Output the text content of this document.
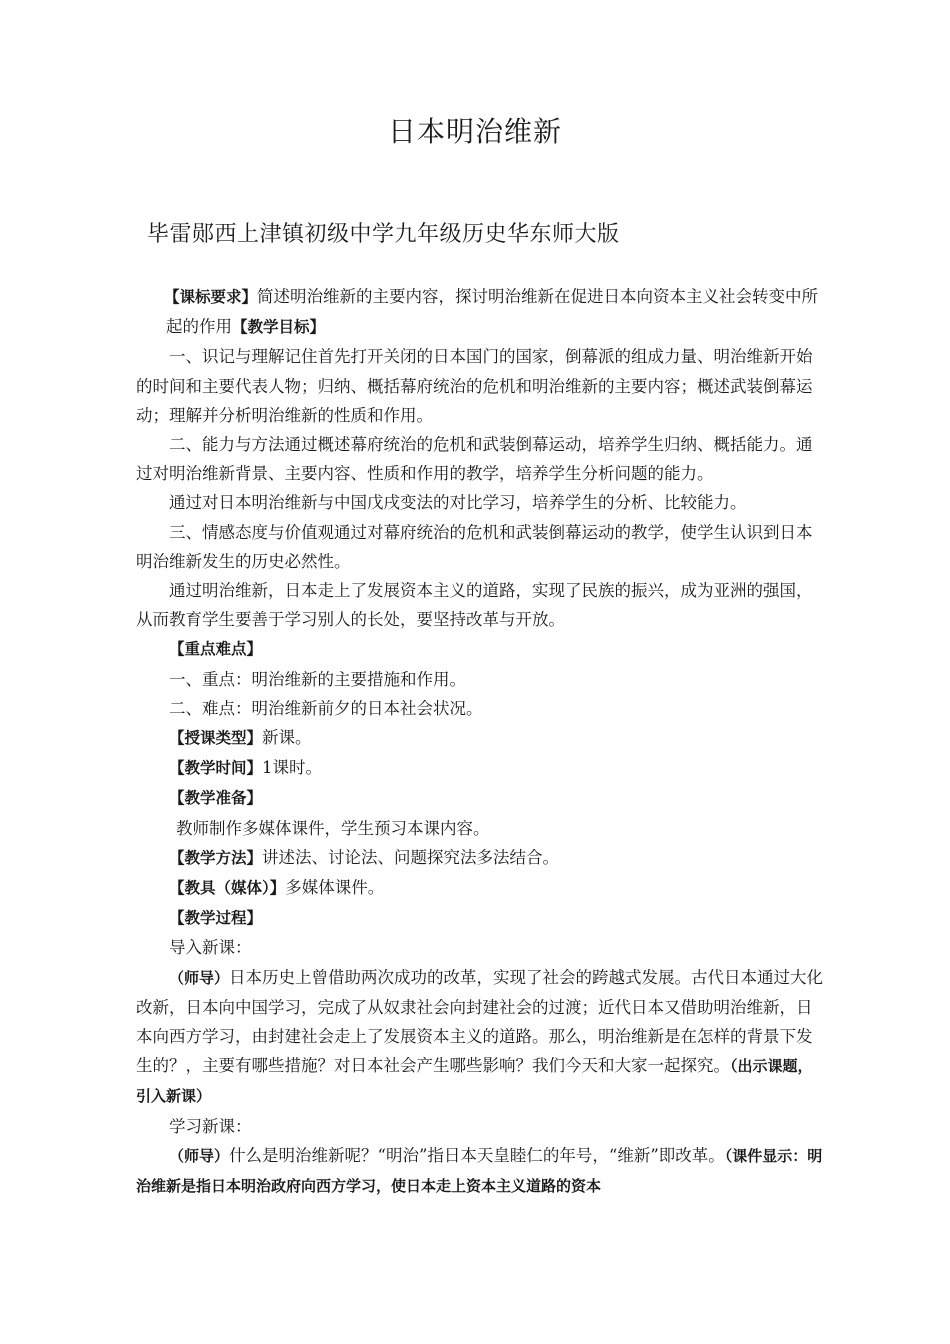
日本明治维新
毕雷郧西上津镇初级中学九年级历史华东师大版

【课标要求】简述明治维新的主要内容，探讨明治维新在促进日本向资本主义社会转变中所起的作用【教学目标】

一、识记与理解记住首先打开关闭的日本国门的国家，倒幕派的组成力量、明治维新开始的时间和主要代表人物；归纳、概括幕府统治的危机和明治维新的主要内容；概述武装倒幕运动；理解并分析明治维新的性质和作用。

二、能力与方法通过概述幕府统治的危机和武装倒幕运动，培养学生归纳、概括能力。通过对明治维新背景、主要内容、性质和作用的教学，培养学生分析问题的能力。

通过对日本明治维新与中国戊戌变法的对比学习，培养学生的分析、比较能力。

三、情感态度与价值观通过对幕府统治的危机和武装倒幕运动的教学，使学生认识到日本明治维新发生的历史必然性。

通过明治维新，日本走上了发展资本主义的道路，实现了民族的振兴，成为亚洲的强国，从而教育学生要善于学习别人的长处，要坚持改革与开放。

【重点难点】

一、重点：明治维新的主要措施和作用。

二、难点：明治维新前夕的日本社会状况。

【授课类型】新课。

【教学时间】1课时。

【教学准备】

教师制作多媒体课件，学生预习本课内容。

【教学方法】讲述法、讨论法、问题探究法多法结合。

【教具（媒体）】多媒体课件。

【教学过程】

导入新课：

（师导）日本历史上曾借助两次成功的改革，实现了社会的跨越式发展。古代日本通过大化改新，日本向中国学习，完成了从奴隶社会向封建社会的过渡；近代日本又借助明治维新，日本向西方学习，由封建社会走上了发展资本主义的道路。那么，明治维新是在怎样的背景下发生的？，主要有哪些措施？对日本社会产生哪些影响？我们今天和大家一起探究。（出示课题，引入新课）

学习新课：

（师导）什么是明治维新呢？“明治”指日本天皇睦仁的年号，“维新”即改革。（课件显示：明治维新是指日本明治政府向西方学习，使日本走上资本主义道路的资本
